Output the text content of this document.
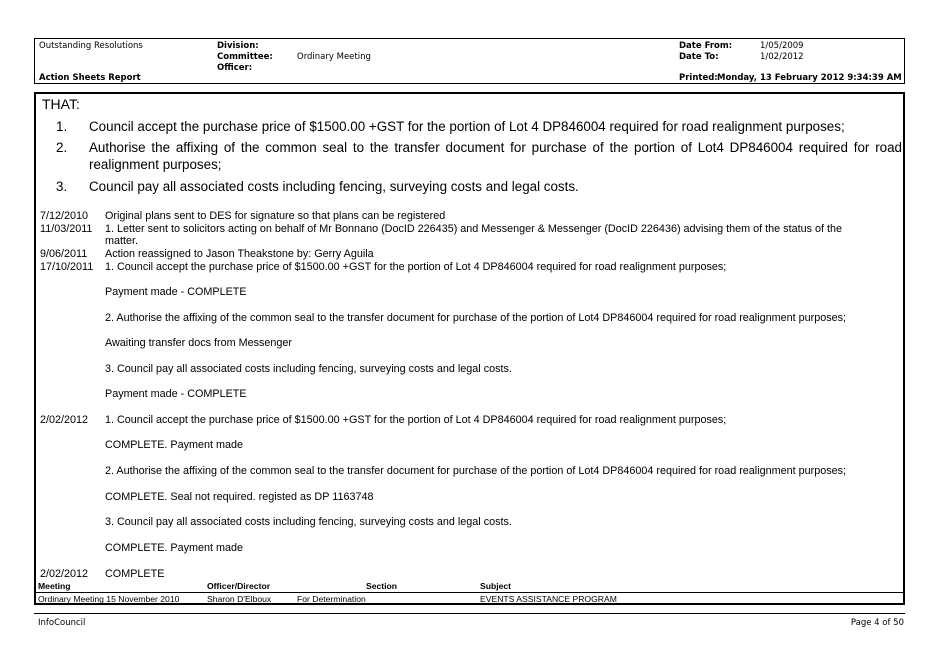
Outstanding Resolutions	Division:
Committee:	Ordinary Meeting
Officer:
Date From:	1/05/2009
Date To:	1/02/2012
Action Sheets Report	Printed: Monday, 13 February 2012 9:34:39 AM
THAT:
1. Council accept the purchase price of $1500.00 +GST for the portion of Lot 4 DP846004 required for road realignment purposes;
2. Authorise the affixing of the common seal to the transfer document for purchase of the portion of Lot4 DP846004 required for road realignment purposes;
3. Council pay all associated costs including fencing, surveying costs and legal costs.
7/12/2010 Original plans sent to DES for signature so that plans can be registered
11/03/2011 1. Letter sent to solicitors acting on behalf of Mr Bonnano (DocID 226435) and Messenger & Messenger (DocID 226436) advising them of the status of the
matter.
9/06/2011 Action reassigned to Jason Theakstone by: Gerry Aguila
17/10/2011 1. Council accept the purchase price of $1500.00 +GST for the portion of Lot 4 DP846004 required for road realignment purposes;
Payment made - COMPLETE
2. Authorise the affixing of the common seal to the transfer document for purchase of the portion of Lot4 DP846004 required for road realignment purposes;
Awaiting transfer docs from Messenger
3. Council pay all associated costs including fencing, surveying costs and legal costs.
Payment made - COMPLETE
2/02/2012 1. Council accept the purchase price of $1500.00 +GST for the portion of Lot 4 DP846004 required for road realignment purposes;
COMPLETE. Payment made
2. Authorise the affixing of the common seal to the transfer document for purchase of the portion of Lot4 DP846004 required for road realignment purposes;
COMPLETE. Seal not required. registed as DP 1163748
3. Council pay all associated costs including fencing, surveying costs and legal costs.
COMPLETE. Payment made
2/02/2012 COMPLETE
Meeting	Officer/Director	Section	Subject
Ordinary Meeting 15 November 2010	Sharon D'Elboux	For Determination	EVENTS ASSISTANCE PROGRAM
InfoCouncil	Page 4 of 50
